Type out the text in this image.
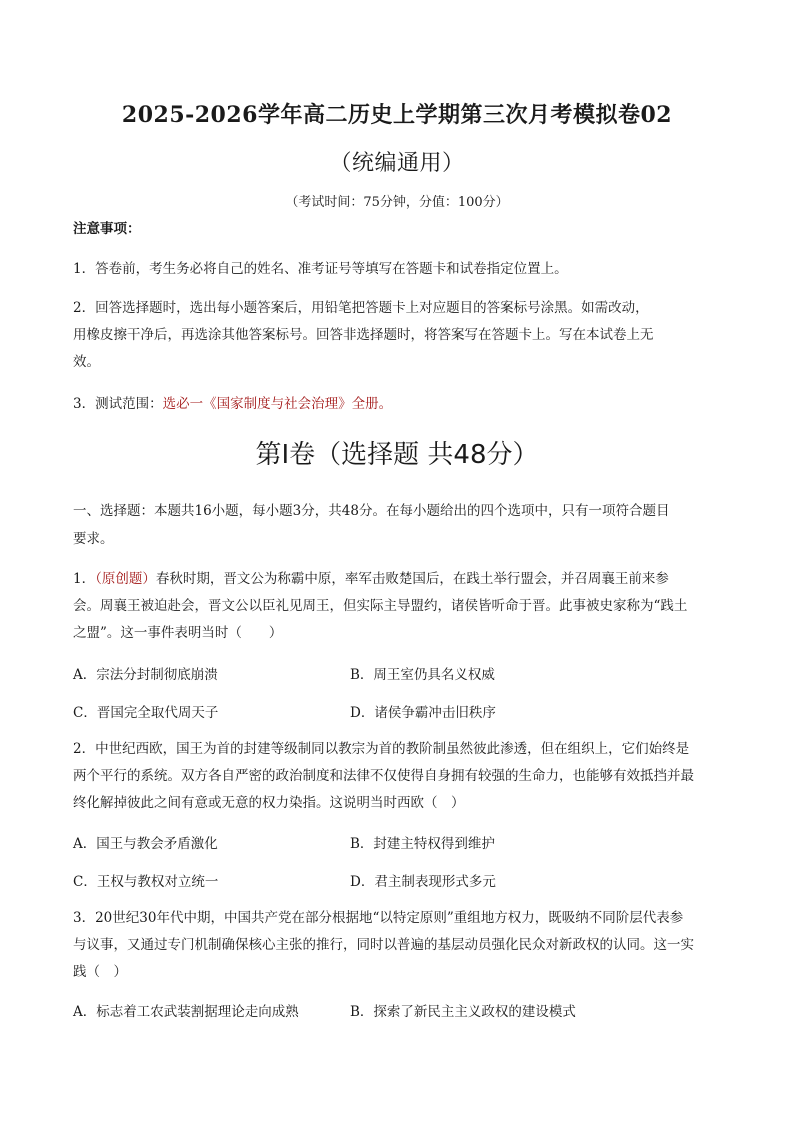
2025-2026学年高二历史上学期第三次月考模拟卷02
（统编通用）
（考试时间：75分钟，分值：100分）
注意事项：
1．答卷前，考生务必将自己的姓名、准考证号等填写在答题卡和试卷指定位置上。
2．回答选择题时，选出每小题答案后，用铅笔把答题卡上对应题目的答案标号涂黑。如需改动，
用橡皮擦干净后，再选涂其他答案标号。回答非选择题时，将答案写在答题卡上。写在本试卷上无
效。
3．测试范围：选必一《国家制度与社会治理》全册。
第Ⅰ卷（选择题 共48分）
一、选择题：本题共16小题，每小题3分，共48分。在每小题给出的四个选项中，只有一项符合题目
要求。
1．（原创题）春秋时期，晋文公为称霸中原，率军击败楚国后，在践土举行盟会，并召周襄王前来参
会。周襄王被迫赴会，晋文公以臣礼见周王，但实际主导盟约，诸侯皆听命于晋。此事被史家称为“践土
之盟”。这一事件表明当时（　　）
A．宗法分封制彻底崩溃	B．周王室仍具名义权威
C．晋国完全取代周天子	D．诸侯争霸冲击旧秩序
2．中世纪西欧，国王为首的封建等级制同以教宗为首的教阶制虽然彼此渗透，但在组织上，它们始终是
两个平行的系统。双方各自严密的政治制度和法律不仅使得自身拥有较强的生命力，也能够有效抵挡并最
终化解掉彼此之间有意或无意的权力染指。这说明当时西欧（　）
A．国王与教会矛盾激化	B．封建主特权得到维护
C．王权与教权对立统一	D．君主制表现形式多元
3．20世纪30年代中期，中国共产党在部分根据地“以特定原则”重组地方权力，既吸纳不同阶层代表参
与议事，又通过专门机制确保核心主张的推行，同时以普遍的基层动员强化民众对新政权的认同。这一实
践（　）
A．标志着工农武装割据理论走向成熟	B．探索了新民主主义政权的建设模式
